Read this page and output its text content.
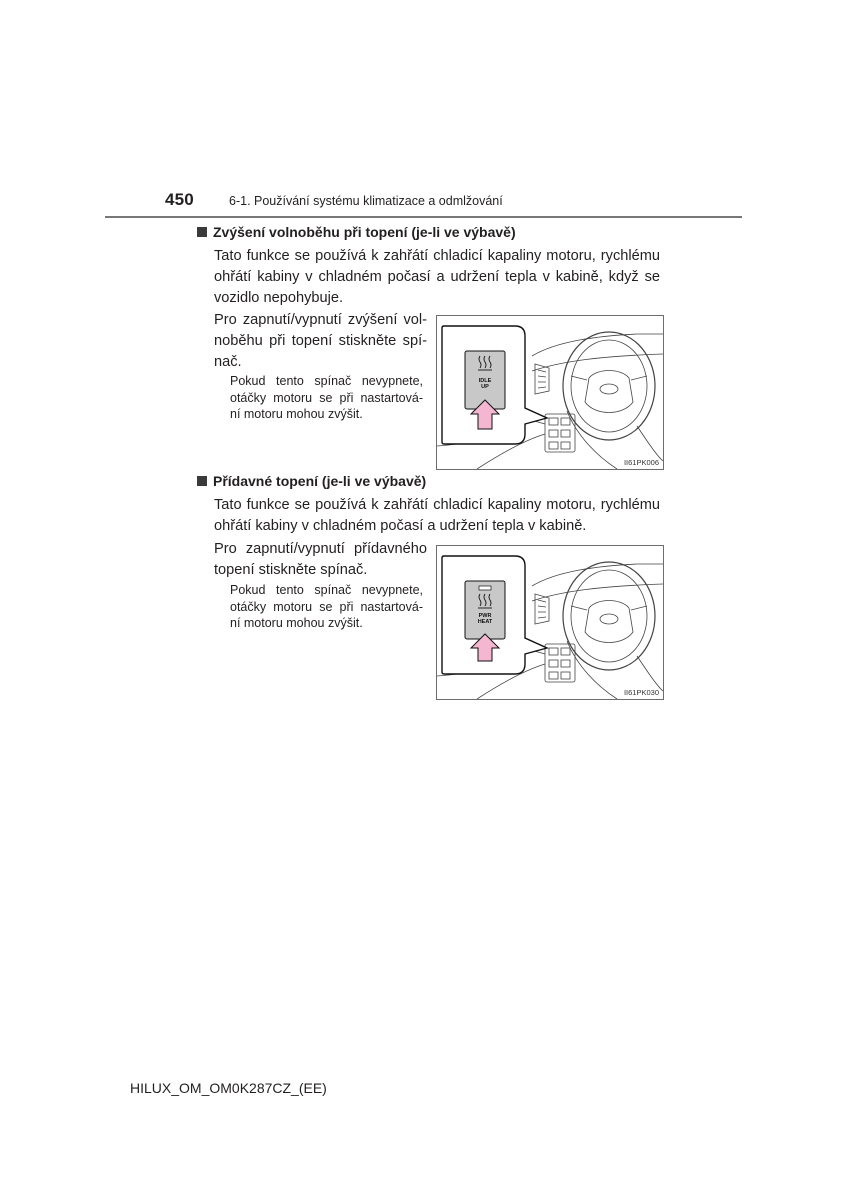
450	6-1. Používání systému klimatizace a odmlžování
Zvýšení volnoběhu při topení (je-li ve výbavě)
Tato funkce se používá k zahřátí chladicí kapaliny motoru, rychlému
ohřátí kabiny v chladném počasí a udržení tepla v kabině, když se
vozidlo nepohybuje.
Pro zapnutí/vypnutí zvýšení vol-
noběhu při topení stiskněte spí-
nač.
Pokud tento spínač nevypnete,
otáčky motoru se při nastartová-
ní motoru mohou zvýšit.
IDLE
UP
II61PK006
Přídavné topení (je-li ve výbavě)
Tato funkce se používá k zahřátí chladicí kapaliny motoru, rychlému
ohřátí kabiny v chladném počasí a udržení tepla v kabině.
Pro zapnutí/vypnutí přídavného
topení stiskněte spínač.
Pokud tento spínač nevypnete,
otáčky motoru se při nastartová-
ní motoru mohou zvýšit.
PWR
HEAT
II61PK030
HILUX_OM_OM0K287CZ_(EE)
